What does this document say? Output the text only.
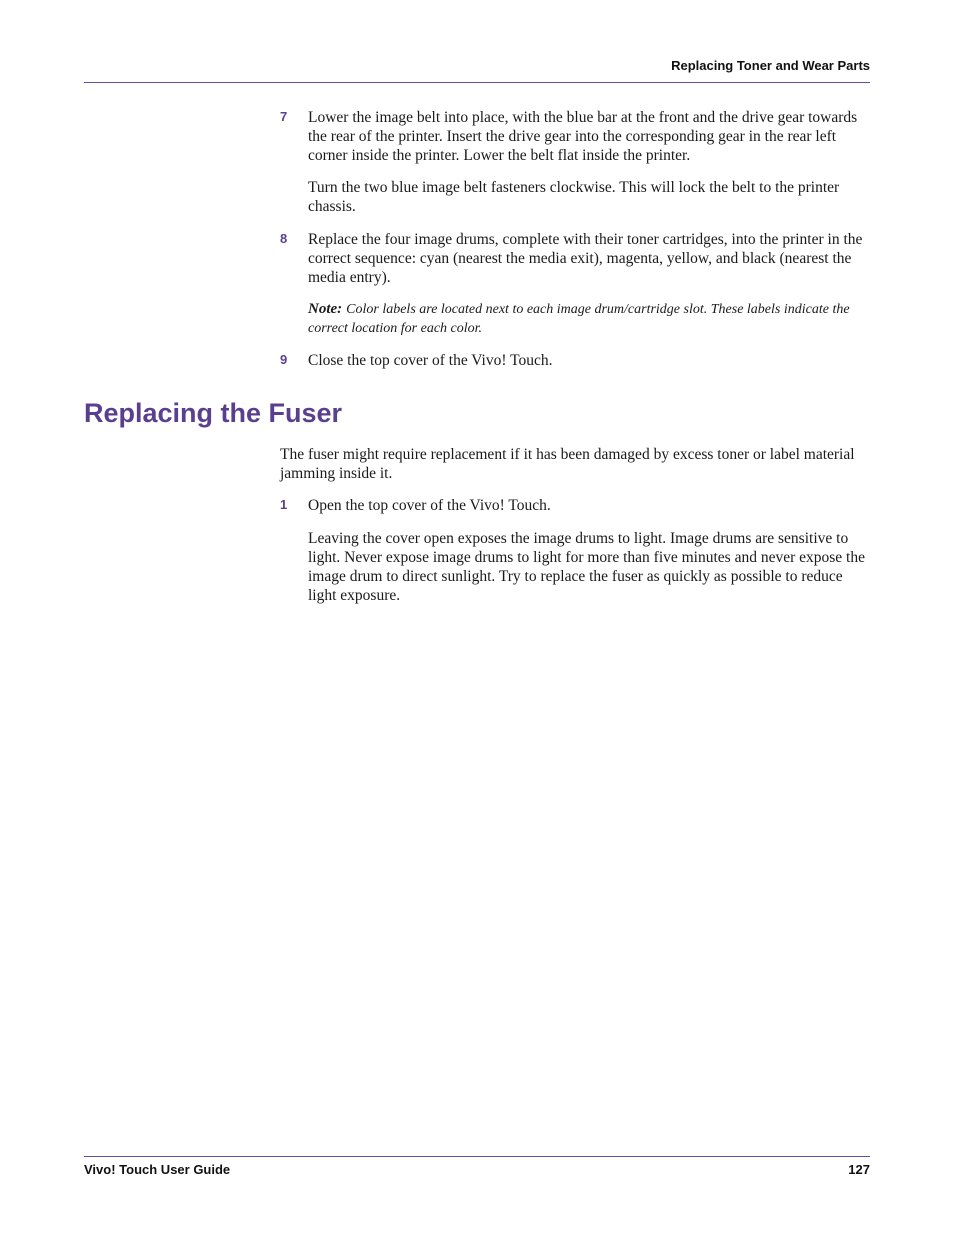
Replacing Toner and Wear Parts
7	Lower the image belt into place, with the blue bar at the front and the drive gear towards the rear of the printer. Insert the drive gear into the corresponding gear in the rear left corner inside the printer. Lower the belt flat inside the printer.

Turn the two blue image belt fasteners clockwise. This will lock the belt to the printer chassis.

8	Replace the four image drums, complete with their toner cartridges, into the printer in the correct sequence: cyan (nearest the media exit), magenta, yellow, and black (nearest the media entry).

Note: Color labels are located next to each image drum/cartridge slot. These labels indicate the correct location for each color.

9	Close the top cover of the Vivo! Touch.

Replacing the Fuser

The fuser might require replacement if it has been damaged by excess toner or label material jamming inside it.

1	Open the top cover of the Vivo! Touch.

Leaving the cover open exposes the image drums to light. Image drums are sensitive to light. Never expose image drums to light for more than five minutes and never expose the image drum to direct sunlight. Try to replace the fuser as quickly as possible to reduce light exposure.

Vivo! Touch User Guide	127
